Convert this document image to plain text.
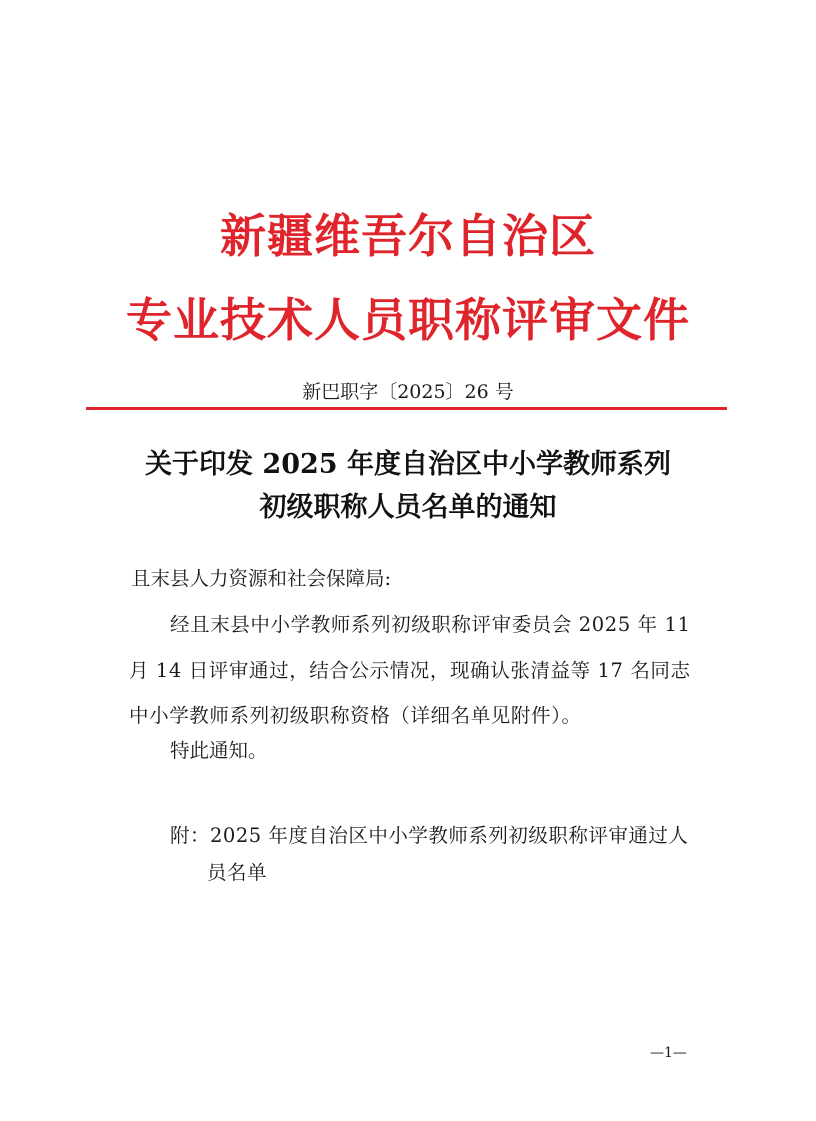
新疆维吾尔自治区
专业技术人员职称评审文件
新巴职字〔2025〕26 号
关于印发 2025 年度自治区中小学教师系列
初级职称人员名单的通知
且末县人力资源和社会保障局:
经且末县中小学教师系列初级职称评审委员会 2025 年 11
月 14 日评审通过，结合公示情况，现确认张清益等 17 名同志
中小学教师系列初级职称资格（详细名单见附件）。
特此通知。
附：2025 年度自治区中小学教师系列初级职称评审通过人
员名单
—1—
